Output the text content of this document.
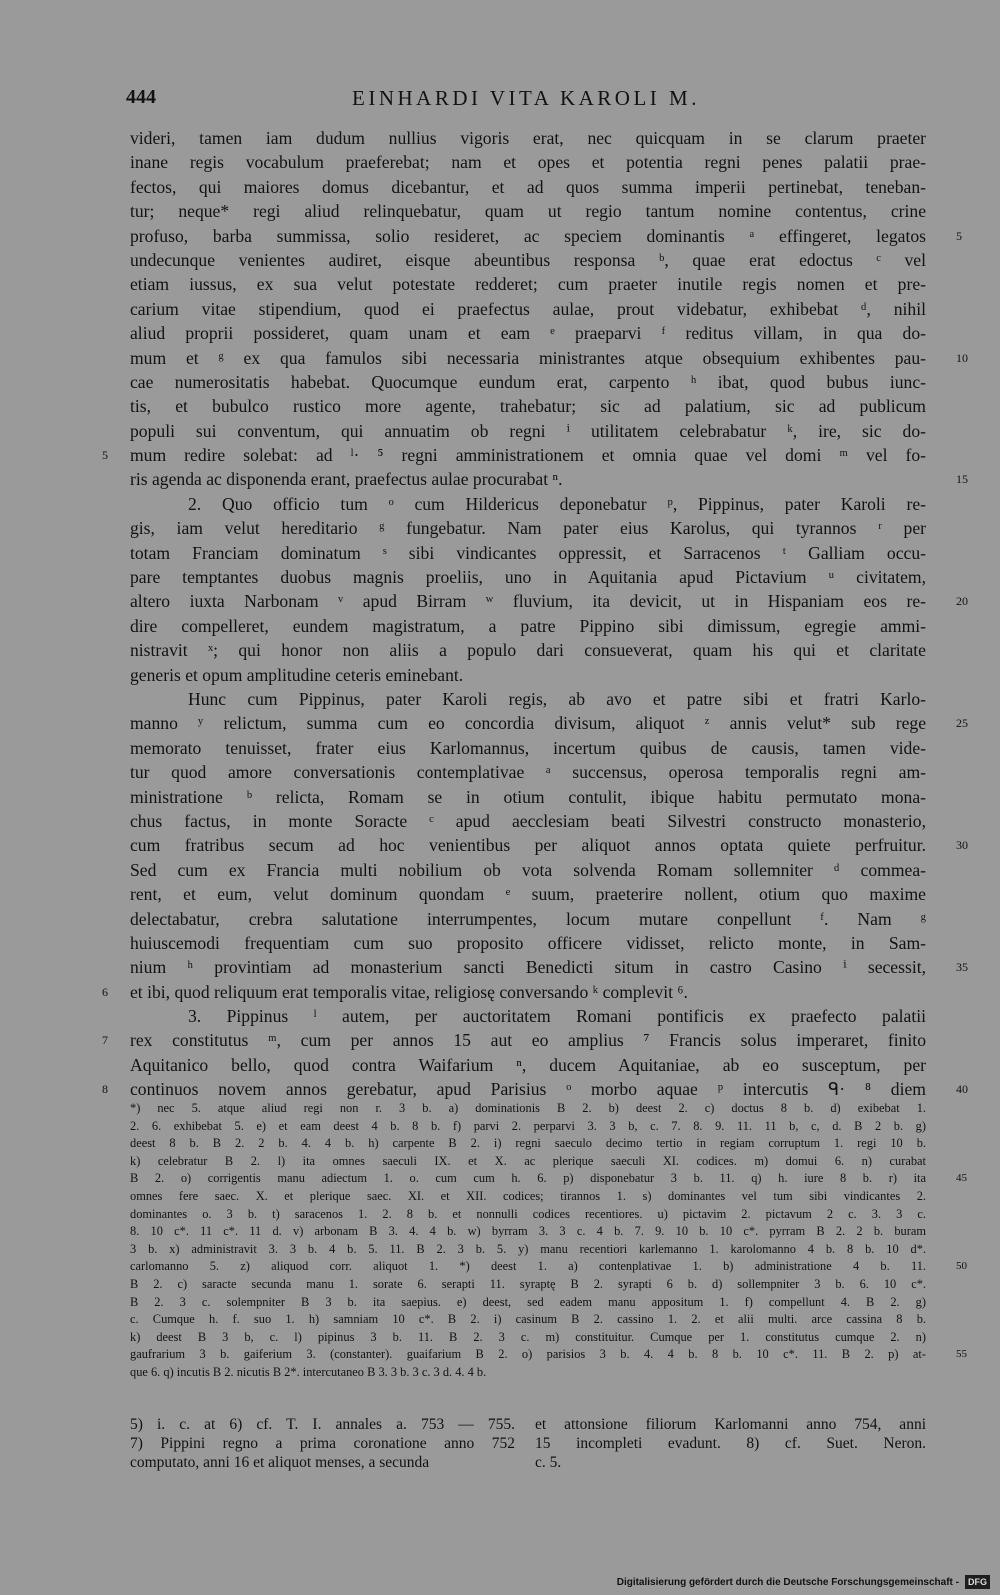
444	EINHARDI VITA KAROLI M.
videri, tamen iam dudum nullius vigoris erat, nec quicquam in se clarum praeter
inane regis vocabulum praeferebat; nam et opes et potentia regni penes palatii prae-
fectos, qui maiores domus dicebantur, et ad quos summa imperii pertinebat, teneban-
tur; neque* regi aliud relinquebatur, quam ut regio tantum nomine contentus, crine
profuso, barba summissa, solio resideret, ac speciem dominantis ᵃ effingeret, legatos	5
undecunque venientes audiret, eisque abeuntibus responsa ᵇ, quae erat edoctus ᶜ vel
etiam iussus, ex sua velut potestate redderet; cum praeter inutile regis nomen et pre-
carium vitae stipendium, quod ei praefectus aulae, prout videbatur, exhibebat ᵈ, nihil
aliud proprii possideret, quam unam et eam ᵉ praeparvi ᶠ reditus villam, in qua do-
mum et ᵍ ex qua famulos sibi necessaria ministrantes atque obsequium exhibentes pau-	10
cae numerositatis habebat. Quocumque eundum erat, carpento ʰ ibat, quod bubus iunc-
tis, et bubulco rustico more agente, trahebatur; sic ad palatium, sic ad publicum
populi sui conventum, qui annuatim ob regni ⁱ utilitatem celebrabatur ᵏ, ire, sic do-
mum redire solebat: ad ˡ· ⁵ regni amministrationem et omnia quae vel domi ᵐ vel fo-
5
ris agenda ac disponenda erant, praefectus aulae procurabat ⁿ.	15
2. Quo officio tum ᵒ cum Hildericus deponebatur ᵖ, Pippinus, pater Karoli re-
gis, iam velut hereditario ᵍ fungebatur. Nam pater eius Karolus, qui tyrannos ʳ per
totam Franciam dominatum ˢ sibi vindicantes oppressit, et Sarracenos ᵗ Galliam occu-
pare temptantes duobus magnis proeliis, uno in Aquitania apud Pictavium ᵘ civitatem,
altero iuxta Narbonam ᵛ apud Birram ʷ fluvium, ita devicit, ut in Hispaniam eos re-	20
dire compelleret, eundem magistratum, a patre Pippino sibi dimissum, egregie ammi-
nistravit ˣ; qui honor non aliis a populo dari consueverat, quam his qui et claritate
generis et opum amplitudine ceteris eminebant.
Hunc cum Pippinus, pater Karoli regis, ab avo et patre sibi et fratri Karlo-
manno ʸ relictum, summa cum eo concordia divisum, aliquot ᶻ annis velut* sub rege	25
memorato tenuisset, frater eius Karlomannus, incertum quibus de causis, tamen vide-
tur quod amore conversationis contemplativae ᵃ succensus, operosa temporalis regni am-
ministratione ᵇ relicta, Romam se in otium contulit, ibique habitu permutato mona-
chus factus, in monte Soracte ᶜ apud aecclesiam beati Silvestri constructo monasterio,
cum fratribus secum ad hoc venientibus per aliquot annos optata quiete perfruitur.	30
Sed cum ex Francia multi nobilium ob vota solvenda Romam sollemniter ᵈ commea-
rent, et eum, velut dominum quondam ᵉ suum, praeterire nollent, otium quo maxime
delectabatur, crebra salutatione interrumpentes, locum mutare conpellunt ᶠ. Nam ᵍ
huiuscemodi frequentiam cum suo proposito officere vidisset, relicto monte, in Sam-
nium ʰ provintiam ad monasterium sancti Benedicti situm in castro Casino ⁱ secessit,	35
et ibi, quod reliquum erat temporalis vitae, religiosę conversando ᵏ complevit ⁶.
6
3. Pippinus ˡ autem, per auctoritatem Romani pontificis ex praefecto palatii
rex constitutus ᵐ, cum per annos 15 aut eo amplius ⁷ Francis solus imperaret, finito
7
Aquitanico bello, quod contra Waifarium ⁿ, ducem Aquitaniae, ab eo susceptum, per
continuos novem annos gerebatur, apud Parisius ᵒ morbo aquae ᵖ intercutis ᑫ· ⁸ diem	40
8
*) nec 5. atque aliud regi non r. 3 b. a) dominationis B 2. b) deest 2. c) doctus 8 b. d) exibebat 1.
2. 6. exhibebat 5. e) et eam deest 4 b. 8 b. f) parvi 2. perparvi 3. 3 b, c. 7. 8. 9. 11. 11 b, c, d. B 2 b. g)
deest 8 b. B 2. 2 b. 4. 4 b. h) carpente B 2. i) regni saeculo decimo tertio in regiam corruptum 1. regi 10 b.
k) celebratur B 2. l) ita omnes saeculi IX. et X. ac plerique saeculi XI. codices. m) domui 6. n) curabat
B 2. o) corrigentis manu adiectum 1. o. cum cum h. 6. p) disponebatur 3 b. 11. q) h. iure 8 b. r) ita	45
omnes fere saec. X. et plerique saec. XI. et XII. codices; tirannos 1. s) dominantes vel tum sibi vindicantes 2.
dominantes o. 3 b. t) saracenos 1. 2. 8 b. et nonnulli codices recentiores. u) pictavim 2. pictavum 2 c. 3. 3 c.
8. 10 c*. 11 c*. 11 d. v) arbonam B 3. 4. 4 b. w) byrram 3. 3 c. 4 b. 7. 9. 10 b. 10 c*. pyrram B 2. 2 b. buram
3 b. x) administravit 3. 3 b. 4 b. 5. 11. B 2. 3 b. 5. y) manu recentiori karlemanno 1. karolomanno 4 b. 8 b. 10 d*.
carlomanno 5. z) aliquod corr. aliquot 1. *) deest 1. a) contenplativae 1. b) administratione 4 b. 11.	50
B 2. c) saracte secunda manu 1. sorate 6. serapti 11. syraptę B 2. syrapti 6 b. d) sollempniter 3 b. 6. 10 c*.
B 2. 3 c. solempniter B 3 b. ita saepius. e) deest, sed eadem manu appositum 1. f) compellunt 4. B 2. g)
c. Cumque h. f. suo 1. h) samniam 10 c*. B 2. i) casinum B 2. cassino 1. 2. et alii multi. arce cassina 8 b.
k) deest B 3 b, c. l) pipinus 3 b. 11. B 2. 3 c. m) constituitur. Cumque per 1. constitutus cumque 2. n)
gaufrarium 3 b. gaiferium 3. (constanter). guaifarium B 2. o) parisios 3 b. 4. 4 b. 8 b. 10 c*. 11. B 2. p) at-	55
que 6. q) incutis B 2. nicutis B 2*. intercutaneo B 3. 3 b. 3 c. 3 d. 4. 4 b.
5) i. c. at 6) cf. T. I. annales a. 753 — 755.
7) Pippini regno a prima coronatione anno 752
computato, anni 16 et aliquot menses, a secunda
et attonsione filiorum Karlomanni anno 754, anni
15 incompleti evadunt. 8) cf. Suet. Neron.
c. 5.
Digitalisierung gefördert durch die Deutsche Forschungsgemeinschaft -	DFG
